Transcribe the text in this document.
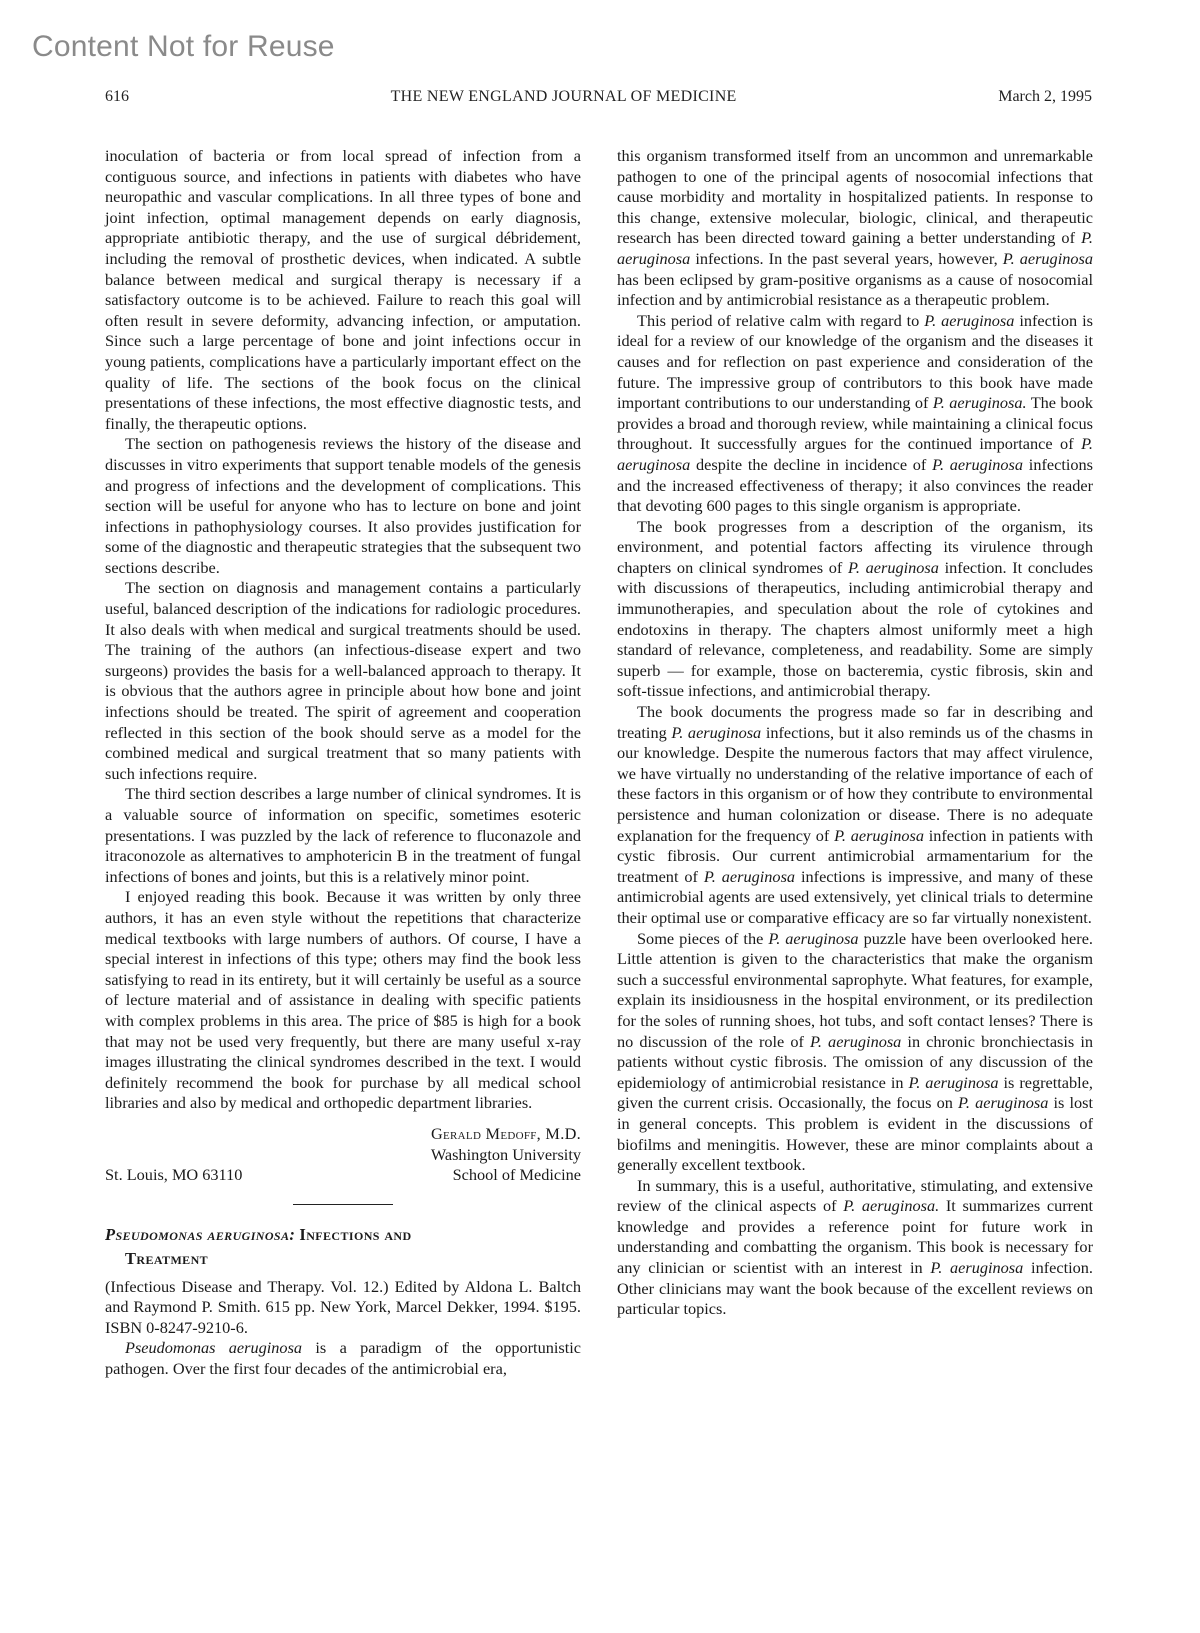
Content Not for Reuse
616	THE NEW ENGLAND JOURNAL OF MEDICINE	March 2, 1995

inoculation of bacteria or from local spread of infection from a contiguous source, and infections in patients with diabetes who have neuropathic and vascular complications. In all three types of bone and joint infection, optimal management depends on early diagnosis, appropriate antibiotic therapy, and the use of surgical débridement, including the removal of prosthetic devices, when indicated. A subtle balance between medical and surgical therapy is necessary if a satisfactory outcome is to be achieved. Failure to reach this goal will often result in severe deformity, advancing infection, or amputation. Since such a large percentage of bone and joint infections occur in young patients, complications have a particularly important effect on the quality of life. The sections of the book focus on the clinical presentations of these infections, the most effective diagnostic tests, and finally, the therapeutic options.

The section on pathogenesis reviews the history of the disease and discusses in vitro experiments that support tenable models of the genesis and progress of infections and the development of complications. This section will be useful for anyone who has to lecture on bone and joint infections in pathophysiology courses. It also provides justification for some of the diagnostic and therapeutic strategies that the subsequent two sections describe.

The section on diagnosis and management contains a particularly useful, balanced description of the indications for radiologic procedures. It also deals with when medical and surgical treatments should be used. The training of the authors (an infectious-disease expert and two surgeons) provides the basis for a well-balanced approach to therapy. It is obvious that the authors agree in principle about how bone and joint infections should be treated. The spirit of agreement and cooperation reflected in this section of the book should serve as a model for the combined medical and surgical treatment that so many patients with such infections require.

The third section describes a large number of clinical syndromes. It is a valuable source of information on specific, sometimes esoteric presentations. I was puzzled by the lack of reference to fluconazole and itraconozole as alternatives to amphotericin B in the treatment of fungal infections of bones and joints, but this is a relatively minor point.

I enjoyed reading this book. Because it was written by only three authors, it has an even style without the repetitions that characterize medical textbooks with large numbers of authors. Of course, I have a special interest in infections of this type; others may find the book less satisfying to read in its entirety, but it will certainly be useful as a source of lecture material and of assistance in dealing with specific patients with complex problems in this area. The price of $85 is high for a book that may not be used very frequently, but there are many useful x-ray images illustrating the clinical syndromes described in the text. I would definitely recommend the book for purchase by all medical school libraries and also by medical and orthopedic department libraries.

St. Louis, MO 63110
Gerald Medoff, M.D.
Washington University
School of Medicine
Pseudomonas aeruginosa: Infections and
Treatment

(Infectious Disease and Therapy. Vol. 12.) Edited by Aldona L. Baltch and Raymond P. Smith. 615 pp. New York, Marcel Dekker, 1994. $195. ISBN 0-8247-9210-6.

Pseudomonas aeruginosa is a paradigm of the opportunistic pathogen. Over the first four decades of the antimicrobial era,

this organism transformed itself from an uncommon and unremarkable pathogen to one of the principal agents of nosocomial infections that cause morbidity and mortality in hospitalized patients. In response to this change, extensive molecular, biologic, clinical, and therapeutic research has been directed toward gaining a better understanding of P. aeruginosa infections. In the past several years, however, P. aeruginosa has been eclipsed by gram-positive organisms as a cause of nosocomial infection and by antimicrobial resistance as a therapeutic problem.

This period of relative calm with regard to P. aeruginosa infection is ideal for a review of our knowledge of the organism and the diseases it causes and for reflection on past experience and consideration of the future. The impressive group of contributors to this book have made important contributions to our understanding of P. aeruginosa. The book provides a broad and thorough review, while maintaining a clinical focus throughout. It successfully argues for the continued importance of P. aeruginosa despite the decline in incidence of P. aeruginosa infections and the increased effectiveness of therapy; it also convinces the reader that devoting 600 pages to this single organism is appropriate.

The book progresses from a description of the organism, its environment, and potential factors affecting its virulence through chapters on clinical syndromes of P. aeruginosa infection. It concludes with discussions of therapeutics, including antimicrobial therapy and immunotherapies, and speculation about the role of cytokines and endotoxins in therapy. The chapters almost uniformly meet a high standard of relevance, completeness, and readability. Some are simply superb — for example, those on bacteremia, cystic fibrosis, skin and soft-tissue infections, and antimicrobial therapy.

The book documents the progress made so far in describing and treating P. aeruginosa infections, but it also reminds us of the chasms in our knowledge. Despite the numerous factors that may affect virulence, we have virtually no understanding of the relative importance of each of these factors in this organism or of how they contribute to environmental persistence and human colonization or disease. There is no adequate explanation for the frequency of P. aeruginosa infection in patients with cystic fibrosis. Our current antimicrobial armamentarium for the treatment of P. aeruginosa infections is impressive, and many of these antimicrobial agents are used extensively, yet clinical trials to determine their optimal use or comparative efficacy are so far virtually nonexistent.

Some pieces of the P. aeruginosa puzzle have been overlooked here. Little attention is given to the characteristics that make the organism such a successful environmental saprophyte. What features, for example, explain its insidiousness in the hospital environment, or its predilection for the soles of running shoes, hot tubs, and soft contact lenses? There is no discussion of the role of P. aeruginosa in chronic bronchiectasis in patients without cystic fibrosis. The omission of any discussion of the epidemiology of antimicrobial resistance in P. aeruginosa is regrettable, given the current crisis. Occasionally, the focus on P. aeruginosa is lost in general concepts. This problem is evident in the discussions of biofilms and meningitis. However, these are minor complaints about a generally excellent textbook.

In summary, this is a useful, authoritative, stimulating, and extensive review of the clinical aspects of P. aeruginosa. It summarizes current knowledge and provides a reference point for future work in understanding and combatting the organism. This book is necessary for any clinician or scientist with an interest in P. aeruginosa infection. Other clinicians may want the book because of the excellent reviews on particular topics.
